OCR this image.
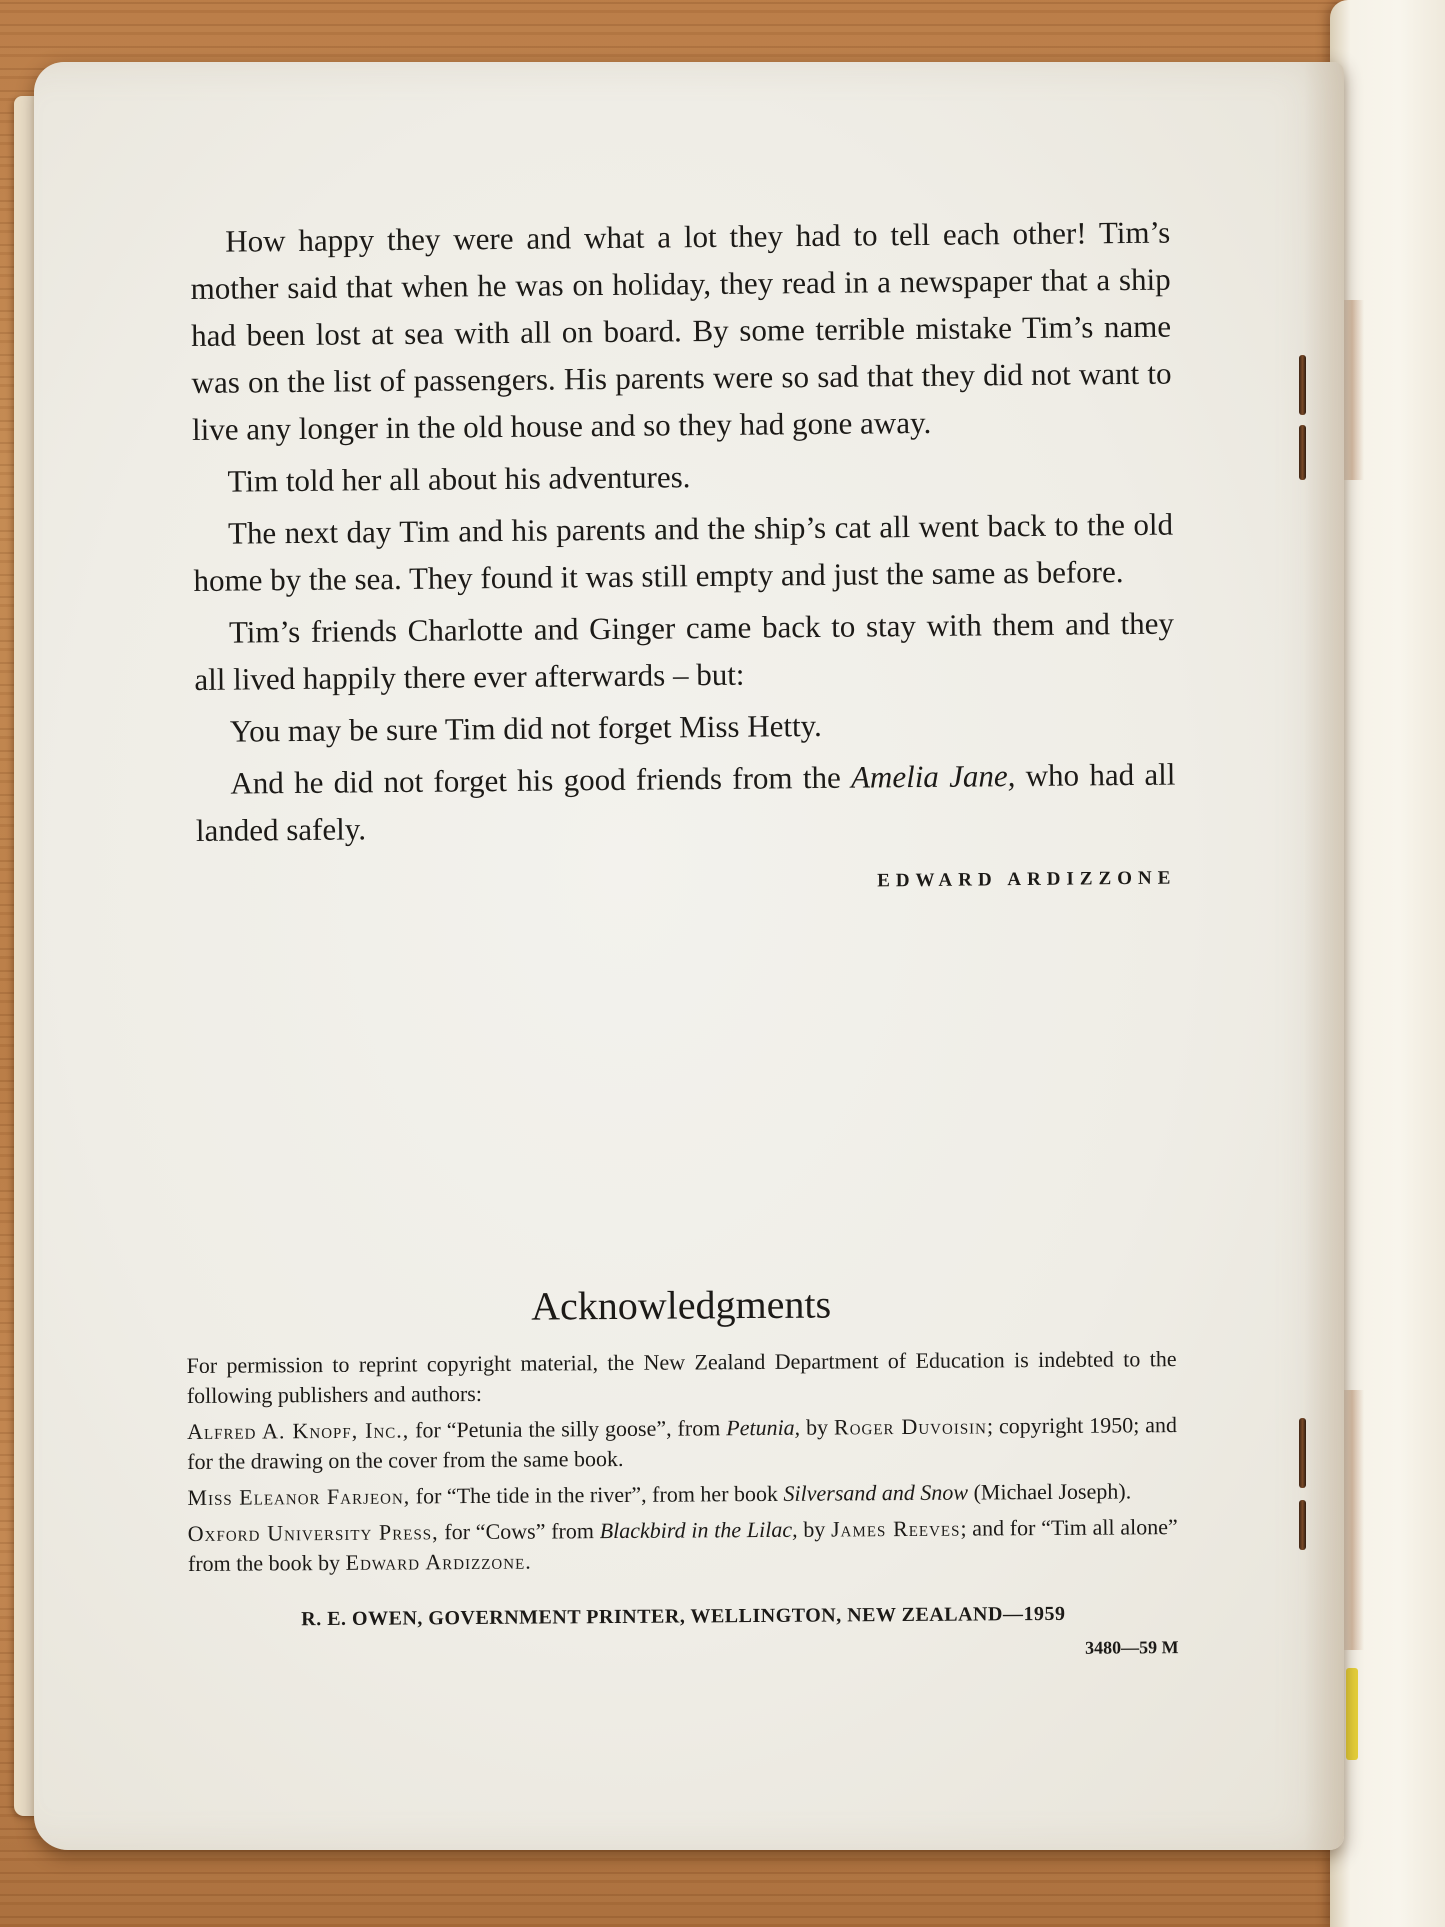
How happy they were and what a lot they had to tell each other! Tim’s mother said that when he was on holiday, they read in a newspaper that a ship had been lost at sea with all on board. By some terrible mistake Tim’s name was on the list of passengers. His parents were so sad that they did not want to live any longer in the old house and so they had gone away.

Tim told her all about his adventures.

The next day Tim and his parents and the ship’s cat all went back to the old home by the sea. They found it was still empty and just the same as before.

Tim’s friends Charlotte and Ginger came back to stay with them and they all lived happily there ever afterwards – but:

You may be sure Tim did not forget Miss Hetty.

And he did not forget his good friends from the Amelia Jane, who had all landed safely.

EDWARD ARDIZZONE

Acknowledgments

For permission to reprint copyright material, the New Zealand Department of Education is indebted to the following publishers and authors:

Alfred A. Knopf, Inc., for “Petunia the silly goose”, from Petunia, by Roger Duvoisin; copyright 1950; and for the drawing on the cover from the same book.

Miss Eleanor Farjeon, for “The tide in the river”, from her book Silversand and Snow (Michael Joseph).

Oxford University Press, for “Cows” from Blackbird in the Lilac, by James Reeves; and for “Tim all alone” from the book by Edward Ardizzone.

R. E. OWEN, GOVERNMENT PRINTER, WELLINGTON, NEW ZEALAND—1959
3480—59 M
